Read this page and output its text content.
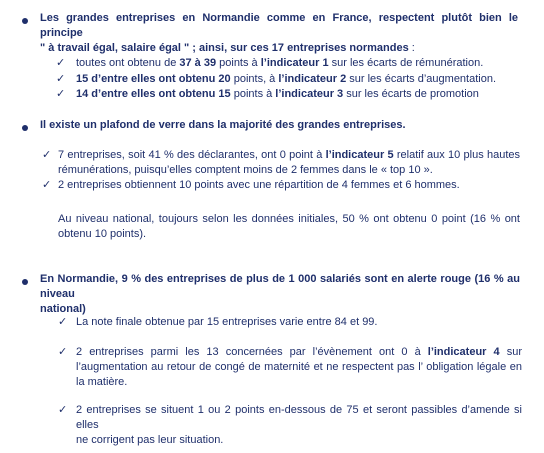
Les grandes entreprises en Normandie comme en France, respectent plutôt bien le principe
" à travail égal, salaire égal " ; ainsi, sur ces 17 entreprises normandes :
✓ toutes ont obtenu de 37 à 39 points à l’indicateur 1 sur les écarts de rémunération.
✓ 15 d’entre elles ont obtenu 20 points, à l’indicateur 2 sur les écarts d’augmentation.
✓ 14 d’entre elles ont obtenu 15 points à l’indicateur 3 sur les écarts de promotion
Il existe un plafond de verre dans la majorité des grandes entreprises.
✓ 7 entreprises, soit 41 % des déclarantes, ont 0 point à l’indicateur 5 relatif aux 10 plus hautes
rémunérations, puisqu’elles comptent moins de 2 femmes dans le « top 10 ».
✓ 2 entreprises obtiennent 10 points avec une répartition de 4 femmes et 6 hommes.
Au niveau national, toujours selon les données initiales, 50 % ont obtenu 0 point (16 % ont
obtenu 10 points).
En Normandie, 9 % des entreprises de plus de 1 000 salariés sont en alerte rouge (16 % au niveau
national)
✓ La note finale obtenue par 15 entreprises varie entre 84 et 99.
✓ 2 entreprises parmi les 13 concernées par l’évènement ont 0 à l’indicateur 4 sur
l’augmentation au retour de congé de maternité et ne respectent pas l’ obligation légale en
la matière.
✓ 2 entreprises se situent 1 ou 2 points en-dessous de 75 et seront passibles d’amende si elles
ne corrigent pas leur situation.
